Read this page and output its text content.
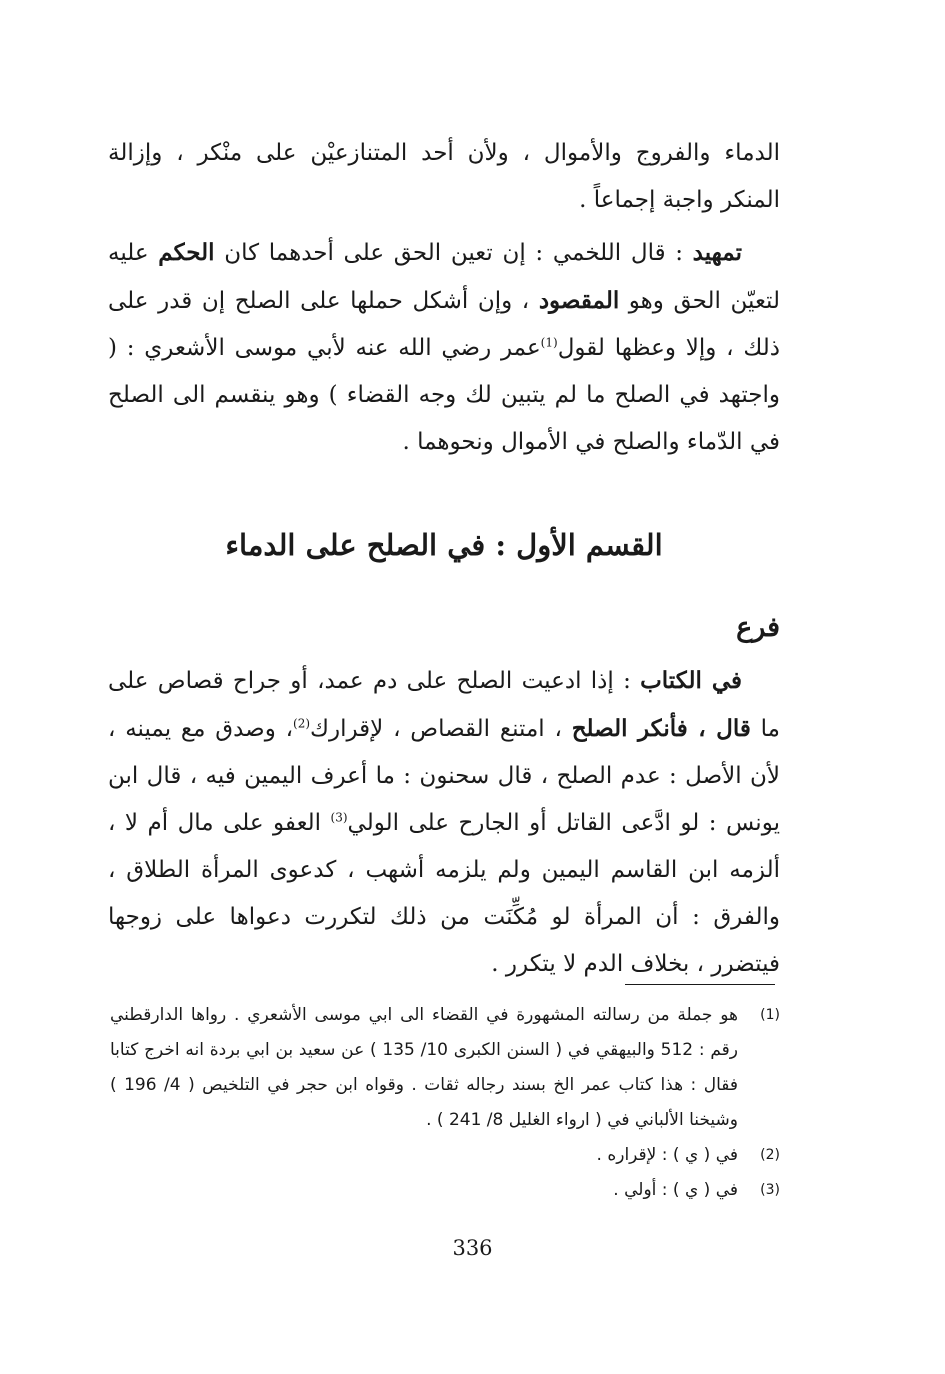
الدماء والفروج والأموال ، ولأن أحد المتنازعيْن على منْكر ، وإزالة المنكر واجبة إجماعاً .

تمهيد : قال اللخمي : إن تعين الحق على أحدهما كان الحكم عليه لتعيّن الحق وهو المقصود ، وإن أشكل حملها على الصلح إن قدر على ذلك ، وإلا وعظها لقول$^{(1)}$عمر رضي الله عنه لأبي موسى الأشعري : ( واجتهد في الصلح ما لم يتبين لك وجه القضاء ) وهو ينقسم الى الصلح في الدّماء والصلح في الأموال ونحوهما .

القسم الأول : في الصلح على الدماء
فرع

في الكتاب : إذا ادعيت الصلح على دم عمد، أو جراح قصاص على ما قال ، فأنكر الصلح ، امتنع القصاص ، لإقرارك$^{(2)}$، وصدق مع يمينه ، لأن الأصل : عدم الصلح ، قال سحنون : ما أعرف اليمين فيه ، قال ابن يونس : لو ادَّعى القاتل أو الجارح على الولي$^{(3)}$ العفو على مال أم لا ، ألزمه ابن القاسم اليمين ولم يلزمه أشهب ، كدعوى المرأة الطلاق ، والفرق : أن المرأة لو مُكِّنَت من ذلك لتكررت دعواها على زوجها فيتضرر ، بخلاف الدم لا يتكرر .

(1)
هو جملة من رسالته المشهورة في القضاء الى ابي موسى الأشعري . رواها الدارقطني رقم : 512 والبيهقي في ( السنن الكبرى 10/ 135 ) عن سعيد بن ابي بردة انه اخرج كتابا فقال : هذا كتاب عمر الخ بسند رجاله ثقات . وقواه ابن حجر في التلخيص ( 4/ 196 ) وشيخنا الألباني في ( ارواء الغليل 8/ 241 ) .
(2)
في ( ي ) : لإقراره .
(3)
في ( ي ) : أولي .
336
